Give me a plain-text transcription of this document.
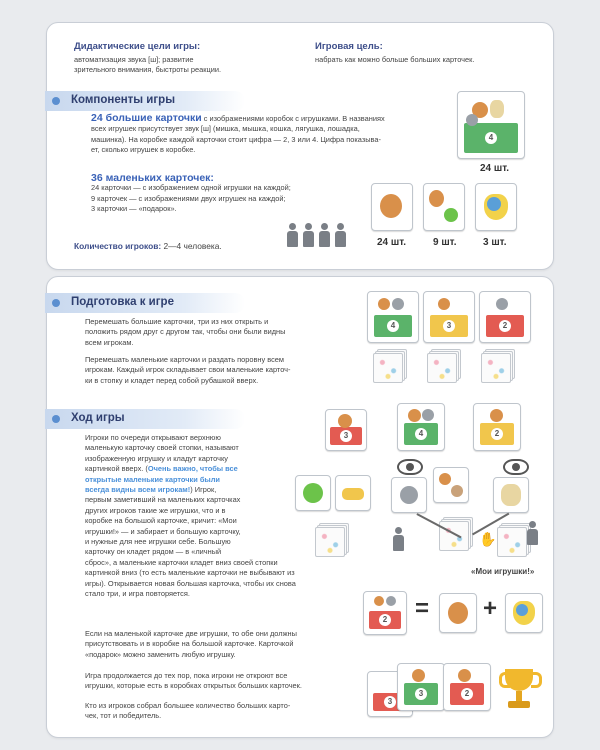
Дидактические цели игры:
автоматизация звука [ш]; развитие
зрительного внимания, быстроты реакции.
Игровая цель:
набрать как можно больше больших карточек.
Компоненты игры
24 большие карточки с изображениями коробок с игрушками. В названиях
всех игрушек присутствует звук [ш] (мишка, мышка, кошка, лягушка, лошадка,
машинка). На коробке каждой карточки стоит цифра — 2, 3 или 4. Цифра показыва-
ет, сколько игрушек в коробке.
36 маленьких карточек:
24 карточки — с изображением одной игрушки на каждой;
9 карточек — с изображениями двух игрушек на каждой;
3 карточки — «подарок».
Количество игроков: 2—4 человека.
4
24 шт.
24 шт.	9 шт.	3 шт.
Подготовка к игре
Перемешать большие карточки, три из них открыть и
положить рядом друг с другом так, чтобы они были видны
всем игрокам.
Перемешать маленькие карточки и раздать поровну всем
игрокам. Каждый игрок складывает свои маленькие карточ-
ки в стопку и кладет перед собой рубашкой вверх.
4	3	2
Ход игры
Игроки по очереди открывают верхнюю
маленькую карточку своей стопки, называют
изображенную игрушку и кладут карточку
картинкой вверх. (Очень важно, чтобы все
открытые маленькие карточки были
всегда видны всем игрокам!) Игрок,
первым заметивший на маленьких карточках
других игроков такие же игрушки, что и в
коробке на большой карточке, кричит: «Мои
игрушки!» — и забирает и большую карточку,
и нужные для нее игрушки себе. Большую
карточку он кладет рядом — в «личный
сброс», а маленькие карточки кладет вниз своей стопки
картинкой вниз (то есть маленькие карточки не выбывают из
игры). Открывается новая большая карточка, чтобы их снова
стало три, и игра повторяется.
Если на маленькой карточке две игрушки, то обе они должны
присутствовать и в коробке на большой карточке. Карточкой
«подарок» можно заменить любую игрушку.
Игра продолжается до тех пор, пока игроки не откроют все
игрушки, которые есть в коробках открытых больших карточек.
Кто из игроков собрал большее количество больших карто-
чек, тот и победитель.
3	4	2
✋
«Мои игрушки!»
2 = +
3
3	2
